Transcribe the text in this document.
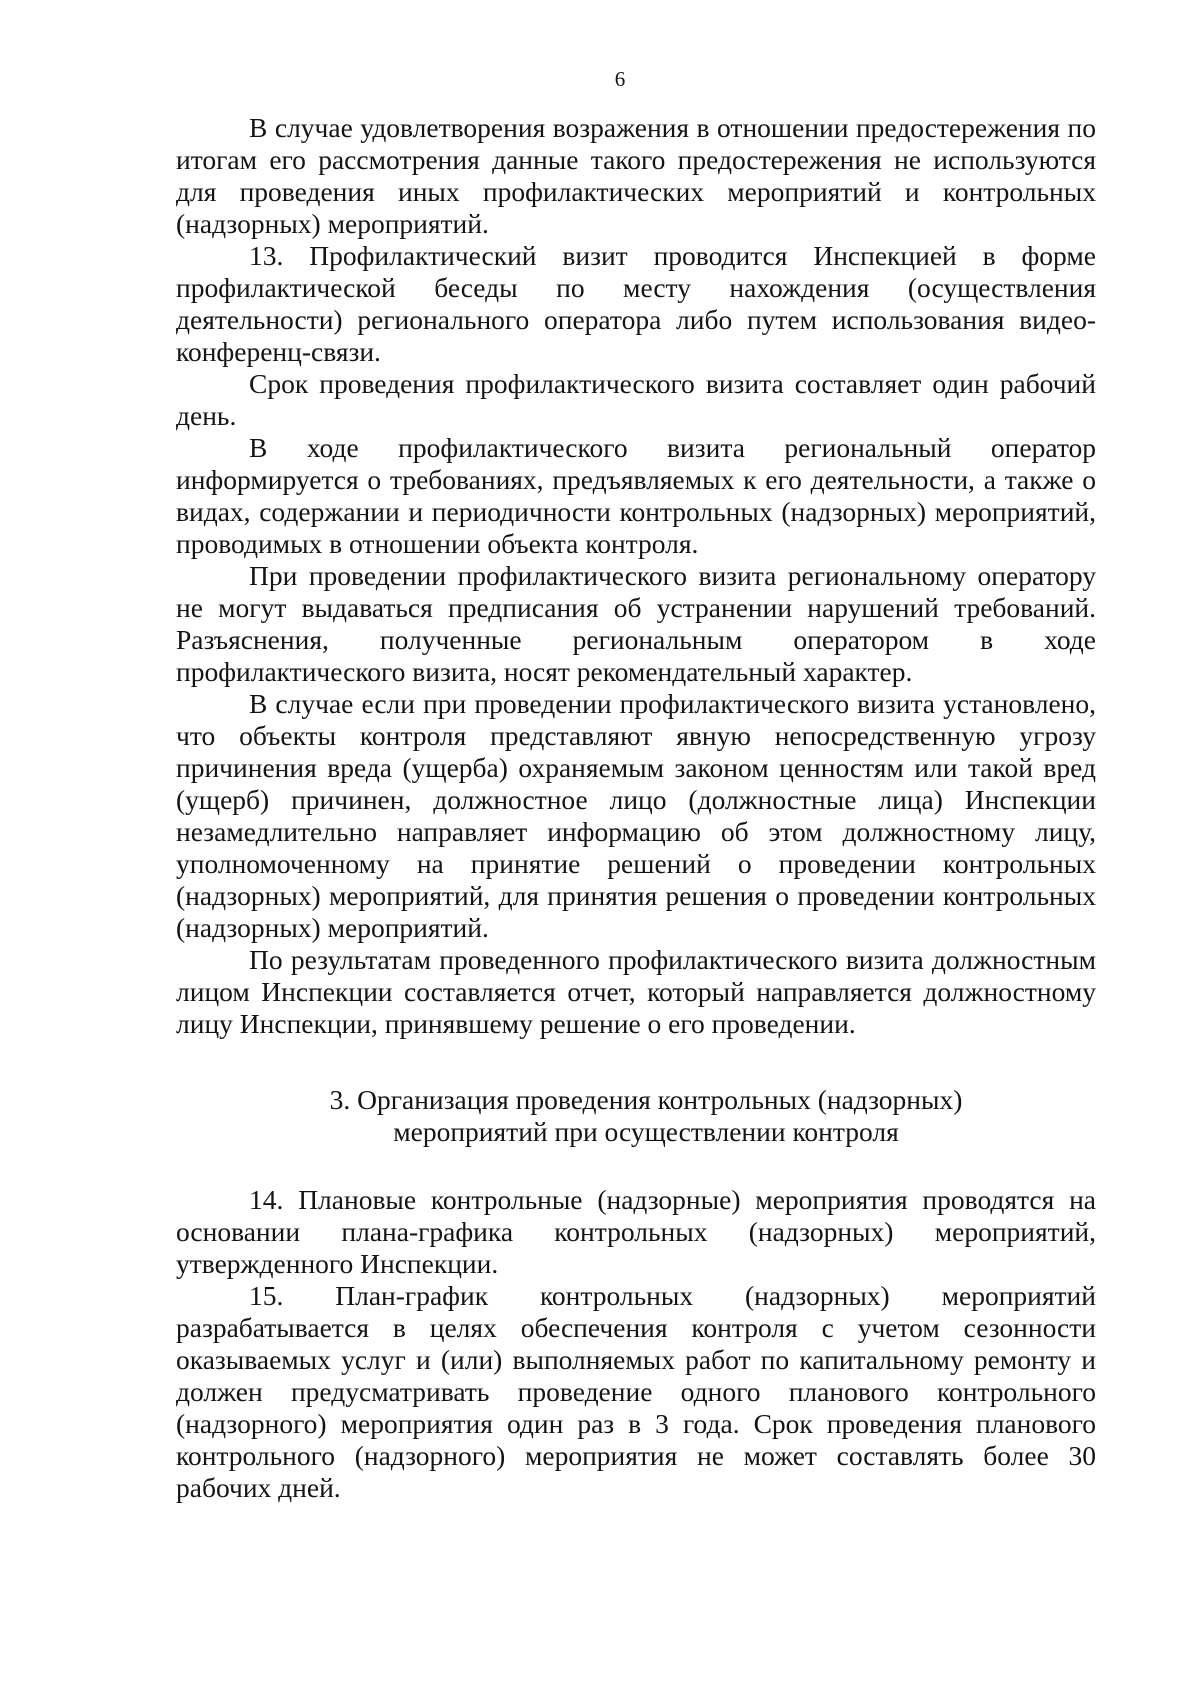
6

В случае удовлетворения возражения в отношении предостережения по итогам его рассмотрения данные такого предостережения не используются для проведения иных профилактических мероприятий и контрольных (надзорных) мероприятий.

13. Профилактический визит проводится Инспекцией в форме профилактической беседы по месту нахождения (осуществления деятельности) регионального оператора либо путем использования видео-конференц-связи.

Срок проведения профилактического визита составляет один рабочий день.

В ходе профилактического визита региональный оператор информируется о требованиях, предъявляемых к его деятельности, а также о видах, содержании и периодичности контрольных (надзорных) мероприятий, проводимых в отношении объекта контроля.

При проведении профилактического визита региональному оператору не могут выдаваться предписания об устранении нарушений требований. Разъяснения, полученные региональным оператором в ходе профилактического визита, носят рекомендательный характер.

В случае если при проведении профилактического визита установлено, что объекты контроля представляют явную непосредственную угрозу причинения вреда (ущерба) охраняемым законом ценностям или такой вред (ущерб) причинен, должностное лицо (должностные лица) Инспекции незамедлительно направляет информацию об этом должностному лицу, уполномоченному на принятие решений о проведении контрольных (надзорных) мероприятий, для принятия решения о проведении контрольных (надзорных) мероприятий.

По результатам проведенного профилактического визита должностным лицом Инспекции составляется отчет, который направляется должностному лицу Инспекции, принявшему решение о его проведении.

3. Организация проведения контрольных (надзорных)
мероприятий при осуществлении контроля

14. Плановые контрольные (надзорные) мероприятия проводятся на основании плана-графика контрольных (надзорных) мероприятий, утвержденного Инспекции.

15. План-график контрольных (надзорных) мероприятий разрабатывается в целях обеспечения контроля с учетом сезонности оказываемых услуг и (или) выполняемых работ по капитальному ремонту и должен предусматривать проведение одного планового контрольного (надзорного) мероприятия один раз в 3 года. Срок проведения планового контрольного (надзорного) мероприятия не может составлять более 30 рабочих дней.
